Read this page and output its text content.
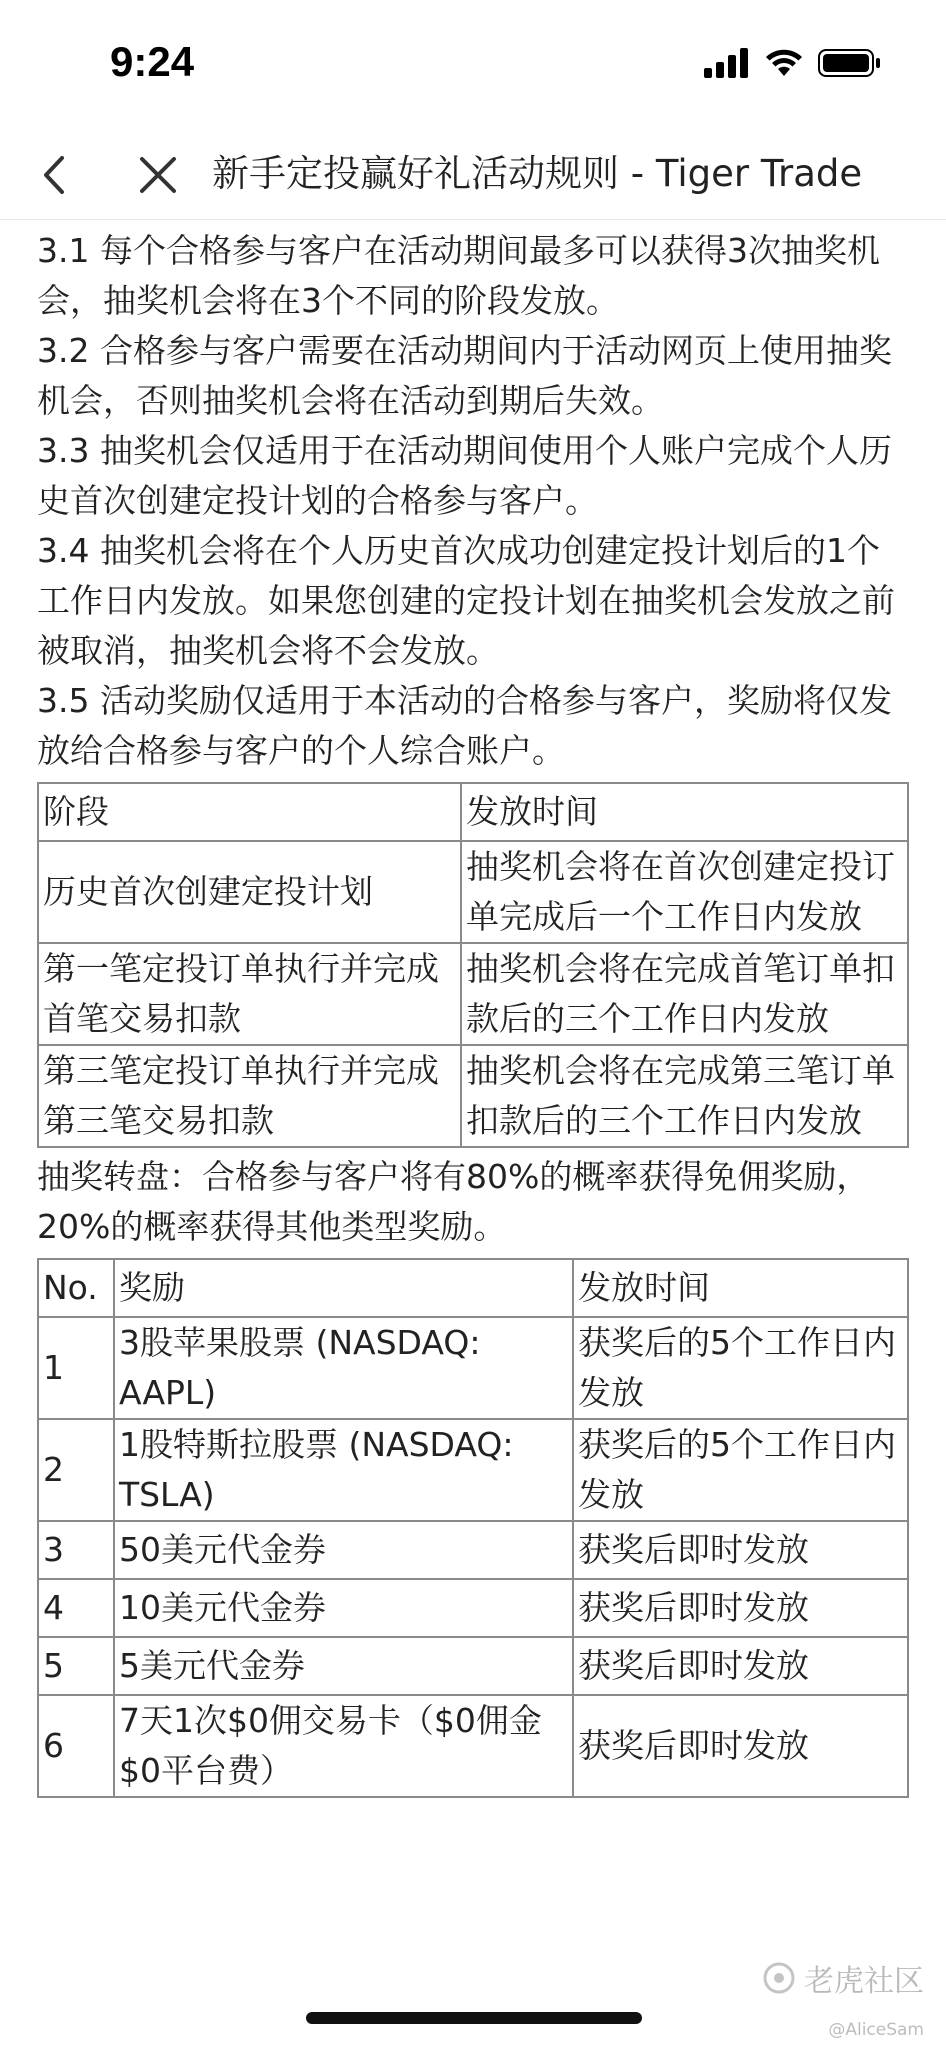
9:24
新手定投赢好礼活动规则 - Tiger Trade

3.1 每个合格参与客户在活动期间最多可以获得3次抽奖机会，抽奖机会将在3个不同的阶段发放。

3.2 合格参与客户需要在活动期间内于活动网页上使用抽奖机会，否则抽奖机会将在活动到期后失效。

3.3 抽奖机会仅适用于在活动期间使用个人账户完成个人历史首次创建定投计划的合格参与客户。

3.4 抽奖机会将在个人历史首次成功创建定投计划后的1个工作日内发放。如果您创建的定投计划在抽奖机会发放之前被取消，抽奖机会将不会发放。

3.5 活动奖励仅适用于本活动的合格参与客户，奖励将仅发放给合格参与客户的个人综合账户。

阶段	发放时间
历史首次创建定投计划	抽奖机会将在首次创建定投订单完成后一个工作日内发放
第一笔定投订单执行并完成首笔交易扣款	抽奖机会将在完成首笔订单扣款后的三个工作日内发放
第三笔定投订单执行并完成第三笔交易扣款	抽奖机会将在完成第三笔订单扣款后的三个工作日内发放

抽奖转盘：合格参与客户将有80%的概率获得免佣奖励，20%的概率获得其他类型奖励。

No.	奖励	发放时间
1	3股苹果股票 (NASDAQ: AAPL)	获奖后的5个工作日内发放
2	1股特斯拉股票 (NASDAQ: TSLA)	获奖后的5个工作日内发放
3	50美元代金券	获奖后即时发放
4	10美元代金券	获奖后即时发放
5	5美元代金券	获奖后即时发放
6	7天1次$0佣交易卡（$0佣金$0平台费）	获奖后即时发放
老虎社区
@AliceSam
